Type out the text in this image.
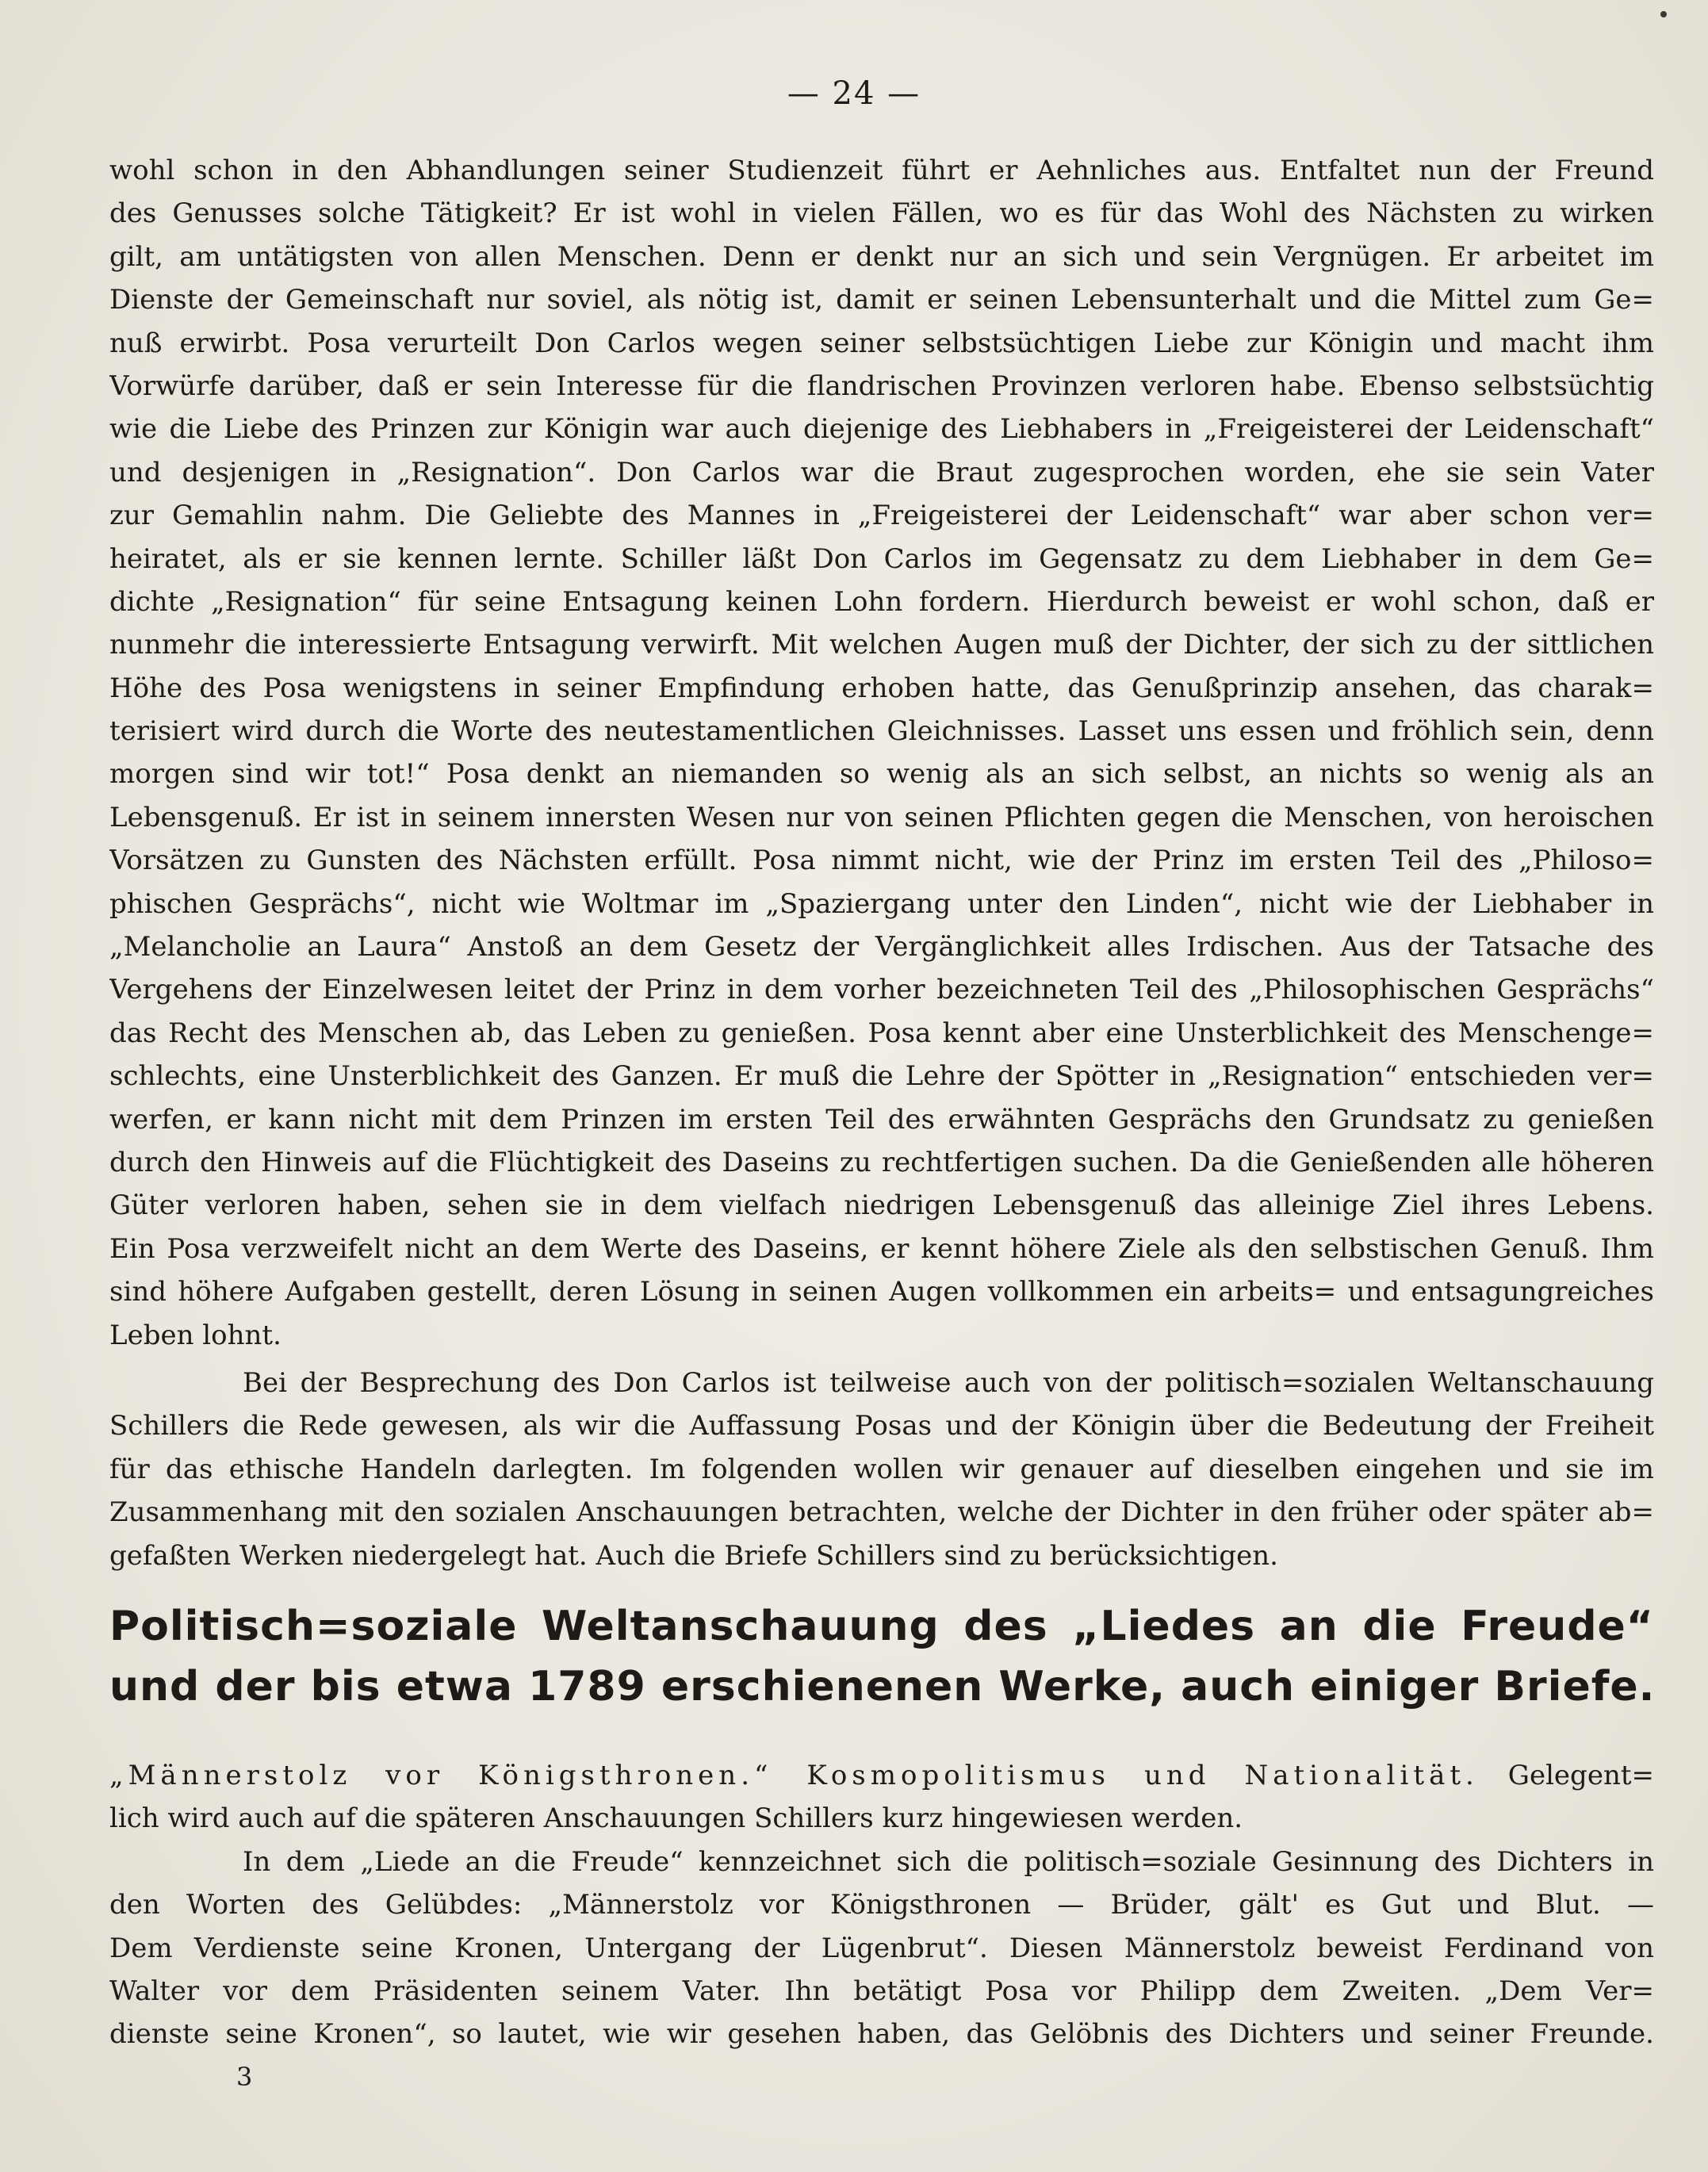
— 24 —
wohl schon in den Abhandlungen seiner Studienzeit führt er Aehnliches aus. Entfaltet nun der Freund
des Genusses solche Tätigkeit? Er ist wohl in vielen Fällen, wo es für das Wohl des Nächsten zu wirken
gilt, am untätigsten von allen Menschen. Denn er denkt nur an sich und sein Vergnügen. Er arbeitet im
Dienste der Gemeinschaft nur soviel, als nötig ist, damit er seinen Lebensunterhalt und die Mittel zum Ge=
nuß erwirbt. Posa verurteilt Don Carlos wegen seiner selbstsüchtigen Liebe zur Königin und macht ihm
Vorwürfe darüber, daß er sein Interesse für die flandrischen Provinzen verloren habe. Ebenso selbstsüchtig
wie die Liebe des Prinzen zur Königin war auch diejenige des Liebhabers in „Freigeisterei der Leidenschaft“
und desjenigen in „Resignation“. Don Carlos war die Braut zugesprochen worden, ehe sie sein Vater
zur Gemahlin nahm. Die Geliebte des Mannes in „Freigeisterei der Leidenschaft“ war aber schon ver=
heiratet, als er sie kennen lernte. Schiller läßt Don Carlos im Gegensatz zu dem Liebhaber in dem Ge=
dichte „Resignation“ für seine Entsagung keinen Lohn fordern. Hierdurch beweist er wohl schon, daß er
nunmehr die interessierte Entsagung verwirft. Mit welchen Augen muß der Dichter, der sich zu der sittlichen
Höhe des Posa wenigstens in seiner Empfindung erhoben hatte, das Genußprinzip ansehen, das charak=
terisiert wird durch die Worte des neutestamentlichen Gleichnisses. Lasset uns essen und fröhlich sein, denn
morgen sind wir tot!“ Posa denkt an niemanden so wenig als an sich selbst, an nichts so wenig als an
Lebensgenuß. Er ist in seinem innersten Wesen nur von seinen Pflichten gegen die Menschen, von heroischen
Vorsätzen zu Gunsten des Nächsten erfüllt. Posa nimmt nicht, wie der Prinz im ersten Teil des „Philoso=
phischen Gesprächs“, nicht wie Woltmar im „Spaziergang unter den Linden“, nicht wie der Liebhaber in
„Melancholie an Laura“ Anstoß an dem Gesetz der Vergänglichkeit alles Irdischen. Aus der Tatsache des
Vergehens der Einzelwesen leitet der Prinz in dem vorher bezeichneten Teil des „Philosophischen Gesprächs“
das Recht des Menschen ab, das Leben zu genießen. Posa kennt aber eine Unsterblichkeit des Menschenge=
schlechts, eine Unsterblichkeit des Ganzen. Er muß die Lehre der Spötter in „Resignation“ entschieden ver=
werfen, er kann nicht mit dem Prinzen im ersten Teil des erwähnten Gesprächs den Grundsatz zu genießen
durch den Hinweis auf die Flüchtigkeit des Daseins zu rechtfertigen suchen. Da die Genießenden alle höheren
Güter verloren haben, sehen sie in dem vielfach niedrigen Lebensgenuß das alleinige Ziel ihres Lebens.
Ein Posa verzweifelt nicht an dem Werte des Daseins, er kennt höhere Ziele als den selbstischen Genuß. Ihm
sind höhere Aufgaben gestellt, deren Lösung in seinen Augen vollkommen ein arbeits= und entsagungreiches
Leben lohnt.
Bei der Besprechung des Don Carlos ist teilweise auch von der politisch=sozialen Weltanschauung
Schillers die Rede gewesen, als wir die Auffassung Posas und der Königin über die Bedeutung der Freiheit
für das ethische Handeln darlegten. Im folgenden wollen wir genauer auf dieselben eingehen und sie im
Zusammenhang mit den sozialen Anschauungen betrachten, welche der Dichter in den früher oder später ab=
gefaßten Werken niedergelegt hat. Auch die Briefe Schillers sind zu berücksichtigen.
Politisch=soziale Weltanschauung des „Liedes an die Freude“
und der bis etwa 1789 erschienenen Werke, auch einiger Briefe.
„Männerstolz vor Königsthronen.“ Kosmopolitismus und Nationalität. Gelegent=
lich wird auch auf die späteren Anschauungen Schillers kurz hingewiesen werden.
In dem „Liede an die Freude“ kennzeichnet sich die politisch=soziale Gesinnung des Dichters in
den Worten des Gelübdes: „Männerstolz vor Königsthronen — Brüder, gält' es Gut und Blut. —
Dem Verdienste seine Kronen, Untergang der Lügenbrut“. Diesen Männerstolz beweist Ferdinand von
Walter vor dem Präsidenten seinem Vater. Ihn betätigt Posa vor Philipp dem Zweiten. „Dem Ver=
dienste seine Kronen“, so lautet, wie wir gesehen haben, das Gelöbnis des Dichters und seiner Freunde.
3
